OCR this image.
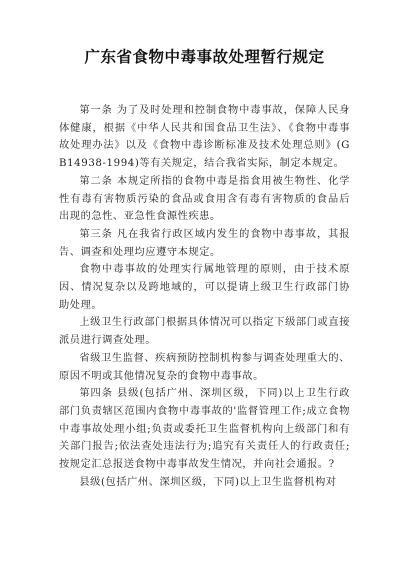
广东省食物中毒事故处理暂行规定

第一条 为了及时处理和控制食物中毒事故，保障人民身体健康，根据《中华人民共和国食品卫生法》、《食物中毒事故处理办法》以及《食物中毒诊断标准及技术处理总则》(GB14938-1994)等有关规定，结合我省实际，制定本规定。

第二条 本规定所指的食物中毒是指食用被生物性、化学性有毒有害物质污染的食品或食用含有毒有害物质的食品后出现的急性、亚急性食源性疾患。

第三条 凡在我省行政区域内发生的食物中毒事故，其报告、调查和处理均应遵守本规定。

食物中毒事故的处理实行属地管理的原则，由于技术原因、情况复杂以及跨地域的，可以提请上级卫生行政部门协助处理。

上级卫生行政部门根据具体情况可以指定下级部门或直接派员进行调查处理。

省级卫生监督、疾病预防控制机构参与调查处理重大的、原因不明或其他情况复杂的食物中毒事故。

第四条 县级(包括广州、深圳区级，下同)以上卫生行政部门负责辖区范围内食物中毒事故的'监督管理工作;成立食物中毒事故处理小组;负责或委托卫生监督机构向上级部门和有关部门报告;依法查处违法行为;追究有关责任人的行政责任;按规定汇总报送食物中毒事故发生情况，并向社会通报。?

县级(包括广州、深圳区级，下同)以上卫生监督机构对
